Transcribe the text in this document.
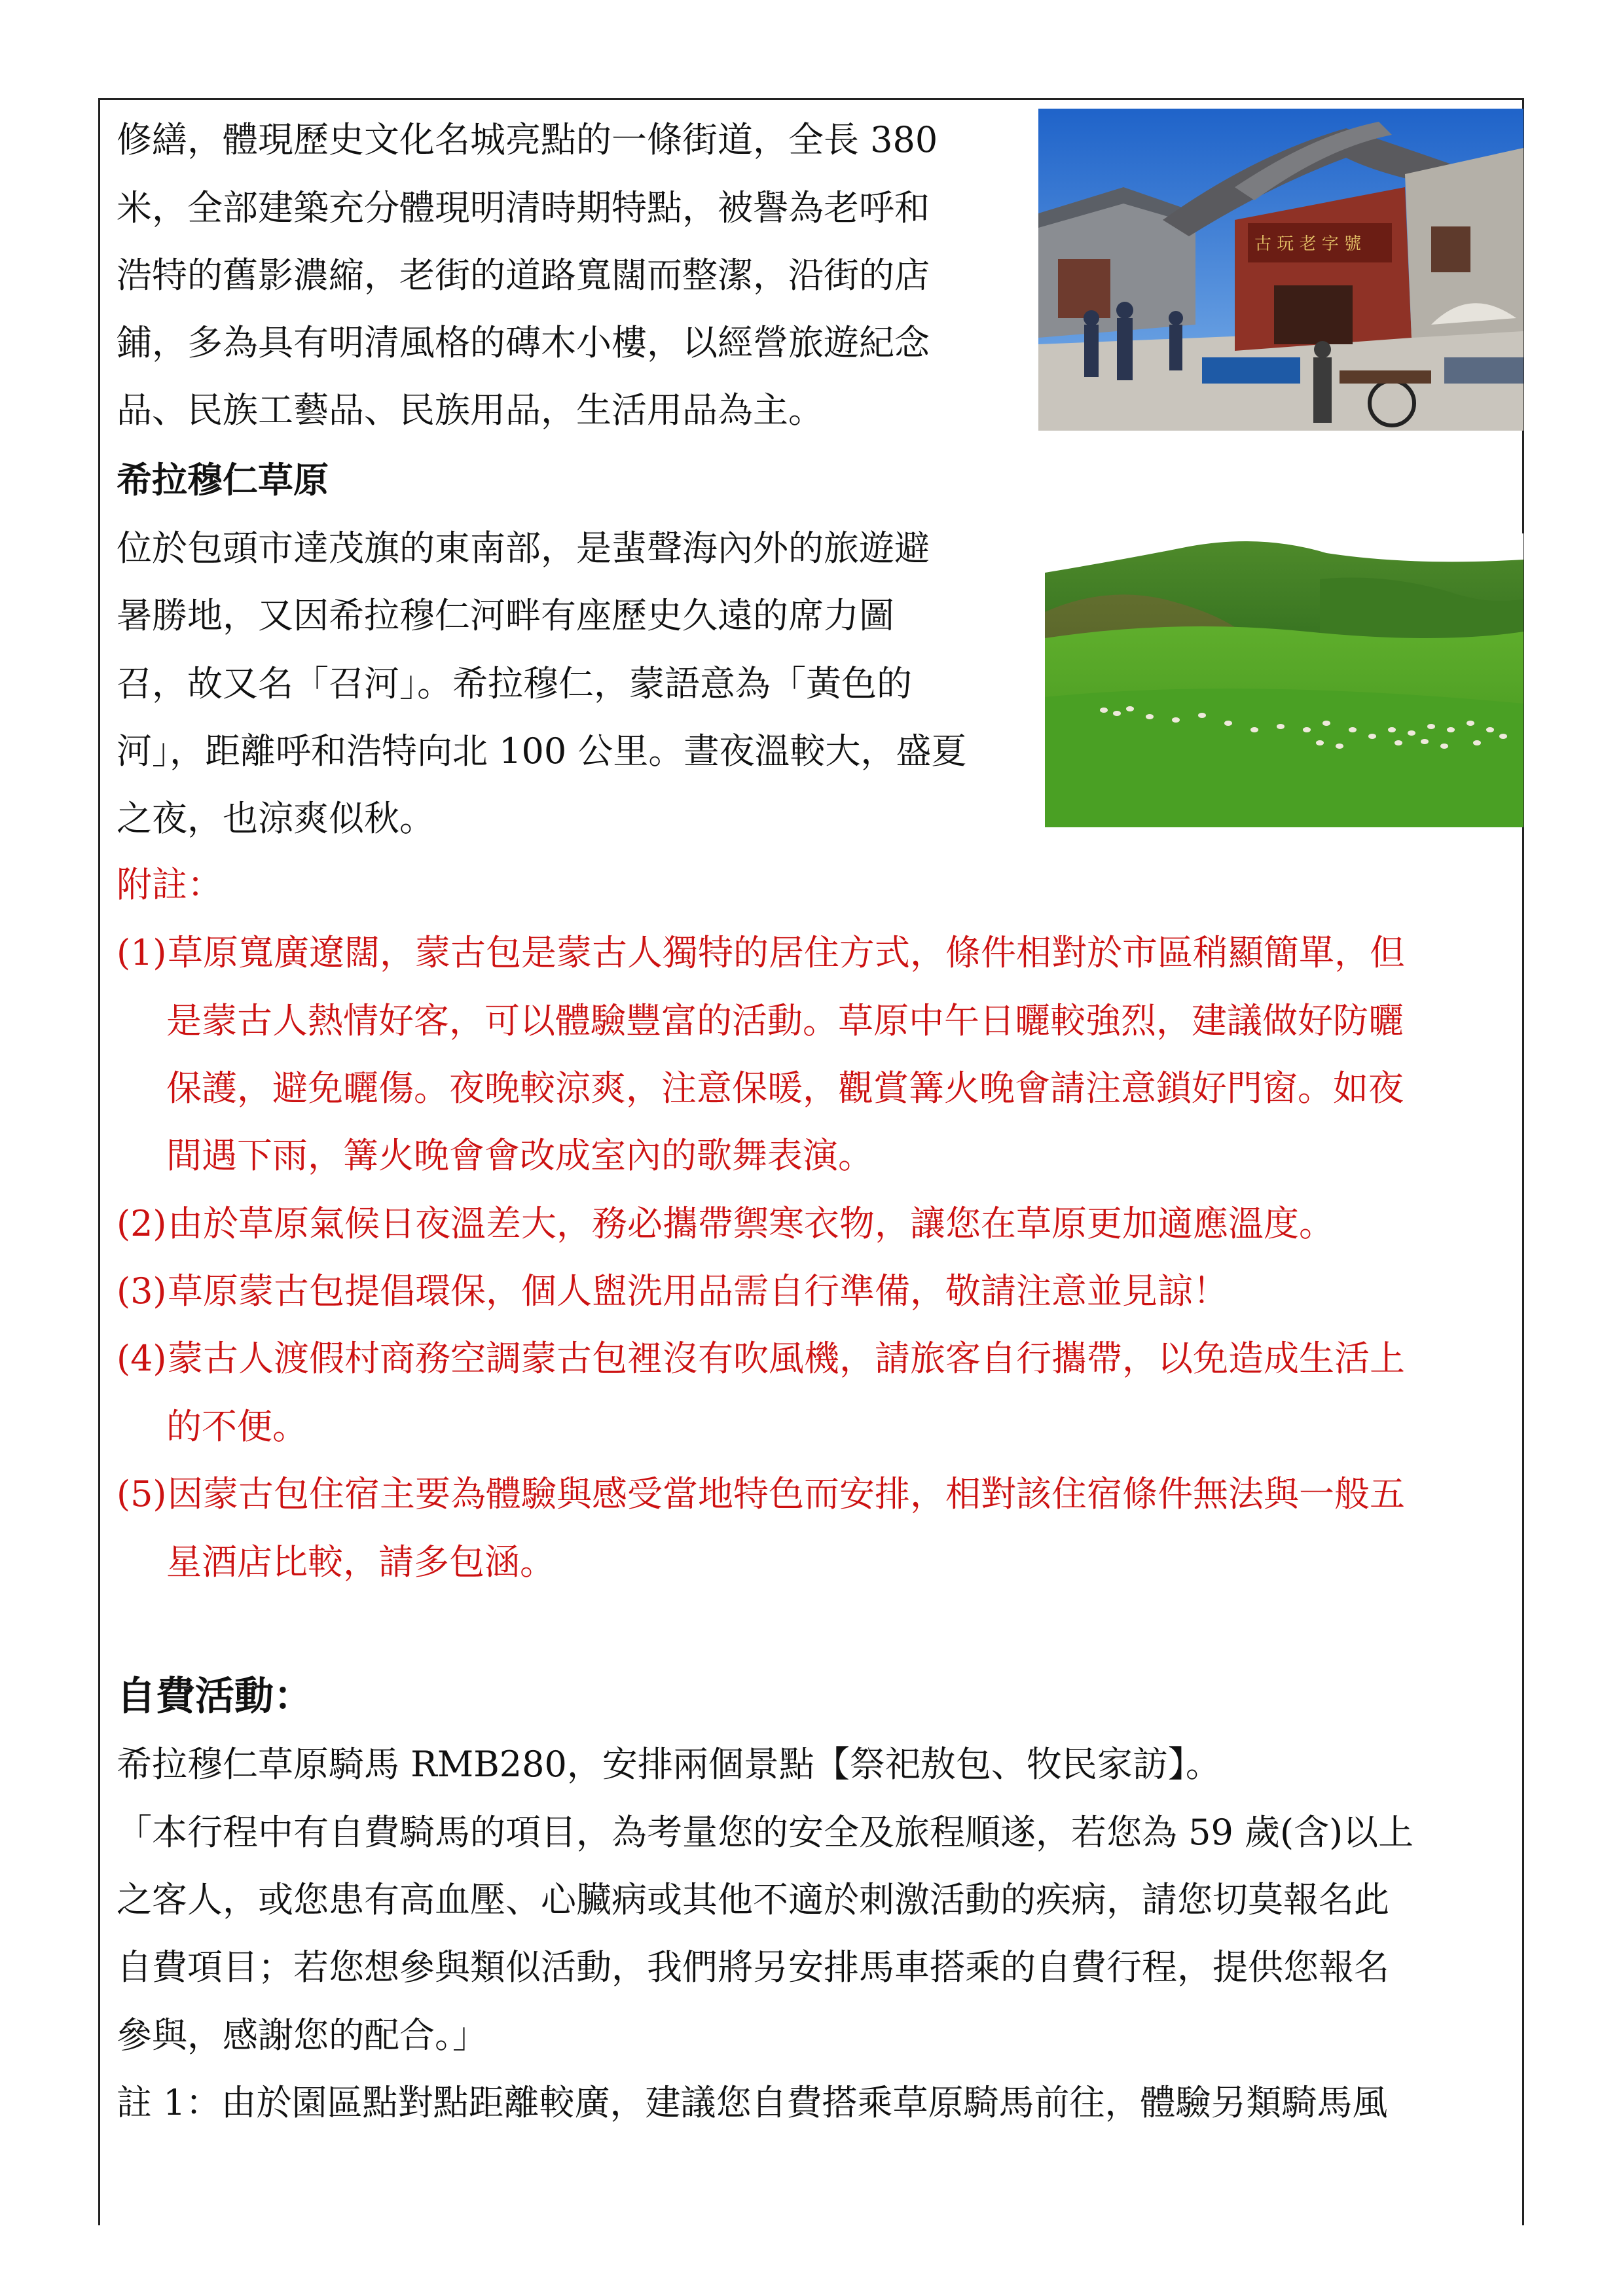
修繕，體現歷史文化名城亮點的一條街道，全長 380
米，全部建築充分體現明清時期特點，被譽為老呼和
浩特的舊影濃縮，老街的道路寬闊而整潔，沿街的店
鋪，多為具有明清風格的磚木小樓，以經營旅遊紀念
品、民族工藝品、民族用品，生活用品為主。
古 玩 老 字 號
希拉穆仁草原
位於包頭市達茂旗的東南部，是蜚聲海內外的旅遊避
暑勝地，又因希拉穆仁河畔有座歷史久遠的席力圖
召，故又名「召河」。希拉穆仁，蒙語意為「黃色的
河」，距離呼和浩特向北 100 公里。晝夜溫較大，盛夏
之夜，也涼爽似秋。
附註：
(1)草原寬廣遼闊，蒙古包是蒙古人獨特的居住方式，條件相對於市區稍顯簡單，但
是蒙古人熱情好客，可以體驗豐富的活動。草原中午日曬較強烈，建議做好防曬
保護，避免曬傷。夜晚較涼爽，注意保暖，觀賞篝火晚會請注意鎖好門窗。如夜
間遇下雨，篝火晚會會改成室內的歌舞表演。
(2)由於草原氣候日夜溫差大，務必攜帶禦寒衣物，讓您在草原更加適應溫度。
(3)草原蒙古包提倡環保，個人盥洗用品需自行準備，敬請注意並見諒！
(4)蒙古人渡假村商務空調蒙古包裡沒有吹風機，請旅客自行攜帶，以免造成生活上
的不便。
(5)因蒙古包住宿主要為體驗與感受當地特色而安排，相對該住宿條件無法與一般五
星酒店比較，請多包涵。
自費活動：
希拉穆仁草原騎馬 RMB280，安排兩個景點【祭祀敖包、牧民家訪】。
「本行程中有自費騎馬的項目，為考量您的安全及旅程順遂，若您為 59 歲(含)以上
之客人，或您患有高血壓、心臟病或其他不適於刺激活動的疾病，請您切莫報名此
自費項目；若您想參與類似活動，我們將另安排馬車搭乘的自費行程，提供您報名
參與，感謝您的配合。」
註 1：由於園區點對點距離較廣，建議您自費搭乘草原騎馬前往，體驗另類騎馬風
